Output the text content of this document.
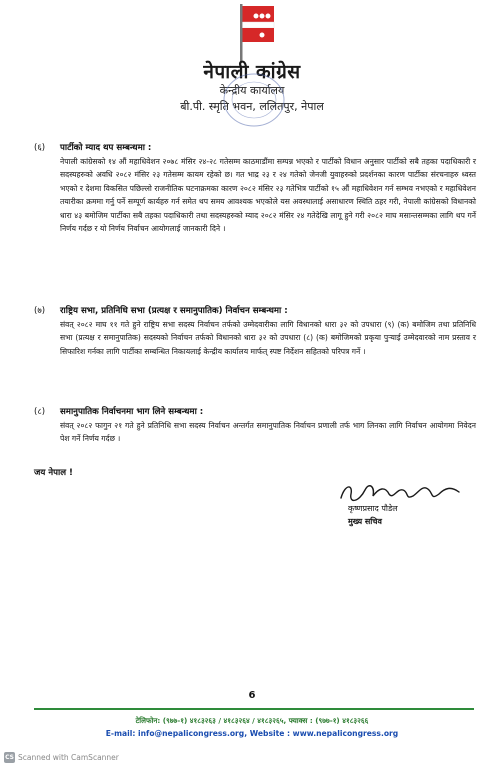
नेपाली कांग्रेस
केन्द्रीय कार्यालय
बी.पी. स्मृति भवन, ललितपुर, नेपाल
(६) पार्टीको म्याद थप सम्बन्धमा :
नेपाली कांग्रेसको १४ औं महाधिवेशन २०७८ मंसिर २४-२८ गतेसम्म काठमाडौंमा सम्पन्न भएको र पार्टीको विधान अनुसार पार्टीको सबै तहका पदाधिकारी र सदस्यहरुको अवधि २०८२ मंसिर २३ गतेसम्म कायम रहेको छ। गत भाद्र २३ र २४ गतेको जेनजी युवाहरुको प्रदर्शनका कारण पार्टीका संरचनाहरु ध्वस्त भएको र देशमा विकसित पछिल्लो राजनीतिक घटनाक्रमका कारण २०८२ मंसिर २३ गतेभित्र पार्टीको १५ औं महाधिवेशन गर्न सम्भव नभएको र महाधिवेशन तयारीका क्रममा गर्नु पर्ने सम्पूर्ण कार्यहरु गर्न समेत थप समय आवश्यक भएकोले यस अवस्थालाई असाधारण स्थिति ठहर गरी, नेपाली कांग्रेसको विधानको धारा ४३ बमोजिम पार्टीका सबै तहका पदाधिकारी तथा सदस्यहरुको म्याद २०८२ मंसिर २४ गतेदेखि लागू हुने गरी २०८२ माघ मसान्तसम्मका लागि थप गर्ने निर्णय गर्दछ र यो निर्णय निर्वाचन आयोगलाई जानकारी दिने ।
(७) राष्ट्रिय सभा, प्रतिनिधि सभा (प्रत्यक्ष र समानुपातिक) निर्वाचन सम्बन्धमा :
संवत् २०८२ माघ ११ गते हुने राष्ट्रिय सभा सदस्य निर्वाचन तर्फको उम्मेदवारीका लागि विधानको धारा ३२ को उपधारा (९) (क) बमोजिम तथा प्रतिनिधि सभा (प्रत्यक्ष र समानुपातिक) सदस्यको निर्वाचन तर्फको विधानको धारा ३२ को उपधारा (८) (क) बमोजिमको प्रकृया पुऱ्याई उम्मेदवारको नाम प्रस्ताव र सिफारिश गर्नका लागि पार्टीका सम्बन्धित निकायलाई केन्द्रीय कार्यालय मार्फत् स्पष्ट निर्देशन सहितको परिपत्र गर्ने ।
(८) समानुपातिक निर्वाचनमा भाग लिने सम्बन्धमा :
संवत् २०८२ फागुन २१ गते हुने प्रतिनिधि सभा सदस्य निर्वाचन अन्तर्गत समानुपातिक निर्वाचन प्रणाली तर्फ भाग लिनका लागि निर्वाचन आयोगमा निवेदन पेश गर्ने निर्णय गर्दछ ।
जय नेपाल !
कृष्णप्रसाद पौडेल
मुख्य सचिव
6
टेलिफोन: (९७७-१) ४१८३२६३ / ४१८३२६४ / ४१८३२६५, फ्याक्स : (९७७-१) ४१८३२६६
E-mail: info@nepalicongress.org, Website : www.nepalicongress.org
CS Scanned with CamScanner
